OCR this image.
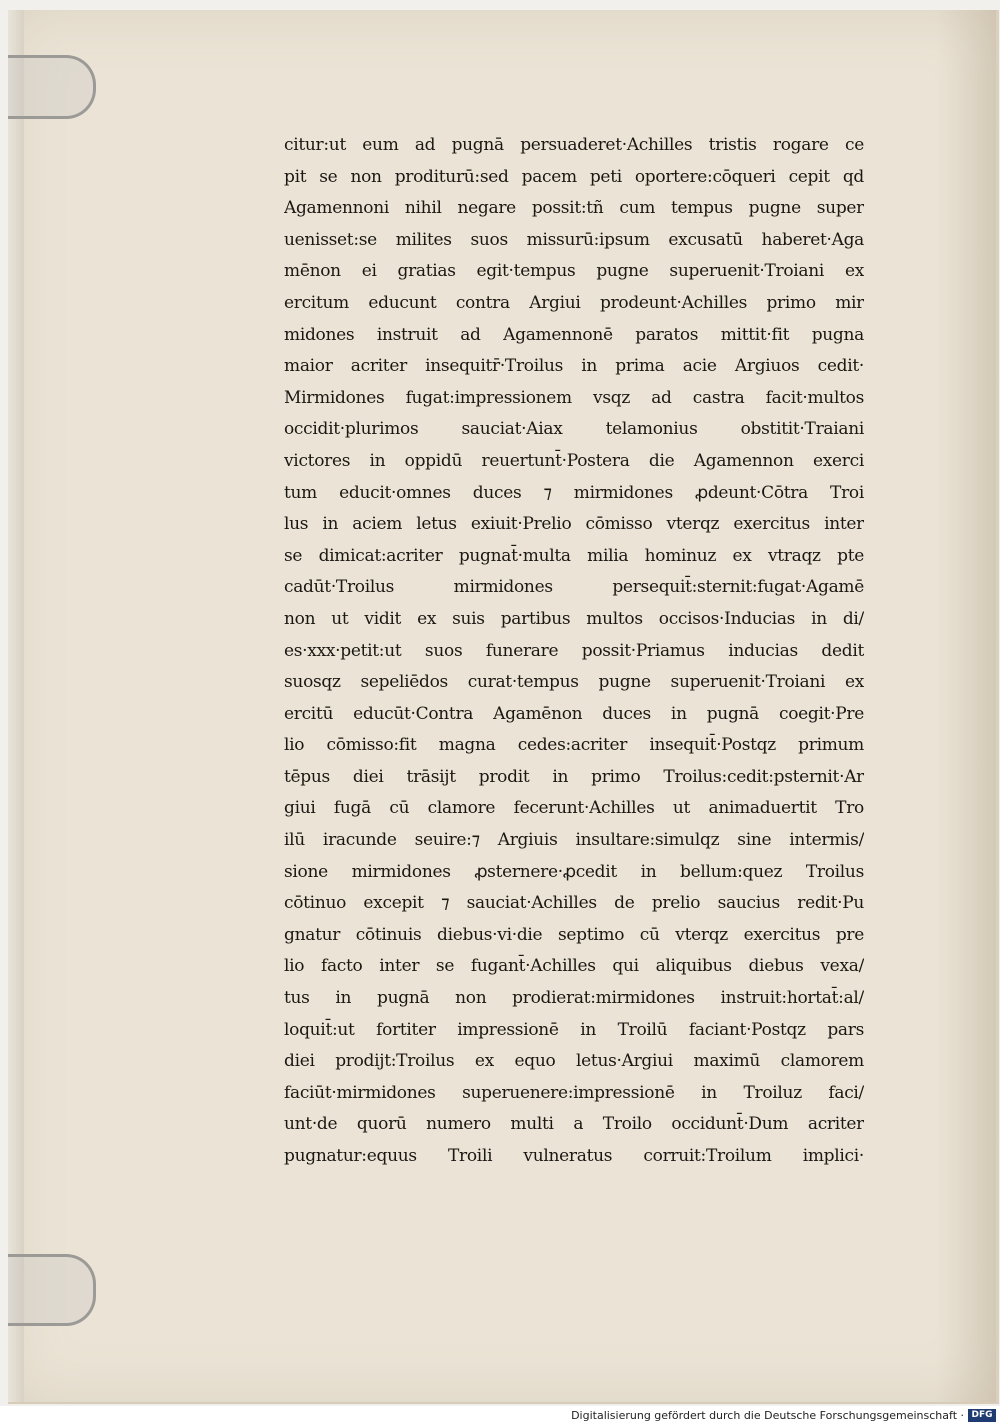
citur:ut eum ad pugnā persuaderet·Achilles tristis rogare ce
pit se non proditurū:sed pacem peti oportere:cōqueri cepit qd
Agamennoni nihil negare possit:tñ cum tempus pugne super
uenisset:se milites suos missurū:ipsum excusatū haberet·Aga
mēnon ei gratias egit·tempus pugne superuenit·Troiani ex
ercitum educunt contra Argiui prodeunt·Achilles primo mir
midones instruit ad Agamennonē paratos mittit·fit pugna
maior acriter insequitr̄·Troilus in prima acie Argiuos cedit·
Mirmidones fugat:impressionem vsqz ad castra facit·multos
occidit·plurimos sauciat·Aiax telamonius obstitit·Traiani
victores in oppidū reuertunt̄·Postera die Agamennon exerci
tum educit·omnes duces ⁊ mirmidones ꝓdeunt·Cōtra Troi
lus in aciem letus exiuit·Prelio cōmisso vterqz exercitus inter
se dimicat:acriter pugnat̄·multa milia hominuz ex vtraqz pte
cadūt·Troilus mirmidones persequit̄:sternit:fugat·Agamē
non ut vidit ex suis partibus multos occisos·Inducias in di/
es·xxx·petit:ut suos funerare possit·Priamus inducias dedit
suosqz sepeliēdos curat·tempus pugne superuenit·Troiani ex
ercitū educūt·Contra Agamēnon duces in pugnā coegit·Pre
lio cōmisso:fit magna cedes:acriter insequit̄·Postqz primum
tēpus diei trāsijt prodit in primo Troilus:cedit:psternit·Ar
giui fugā cū clamore fecerunt·Achilles ut animaduertit Tro
ilū iracunde seuire:⁊ Argiuis insultare:simulqz sine intermis/
sione mirmidones ꝓsternere·ꝓcedit in bellum:quez Troilus
cōtinuo excepit ⁊ sauciat·Achilles de prelio saucius redit·Pu
gnatur cōtinuis diebus·vi·die septimo cū vterqz exercitus pre
lio facto inter se fugant̄·Achilles qui aliquibus diebus vexa/
tus in pugnā non prodierat:mirmidones instruit:hortat̄:al/
loquit̄:ut fortiter impressionē in Troilū faciant·Postqz pars
diei prodijt:Troilus ex equo letus·Argiui maximū clamorem
faciūt·mirmidones superuenere:impressionē in Troiluz faci/
unt·de quorū numero multi a Troilo occidunt̄·Dum acriter
pugnatur:equus Troili vulneratus corruit:Troilum implici·
Digitalisierung gefördert durch die Deutsche Forschungsgemeinschaft · DFG
